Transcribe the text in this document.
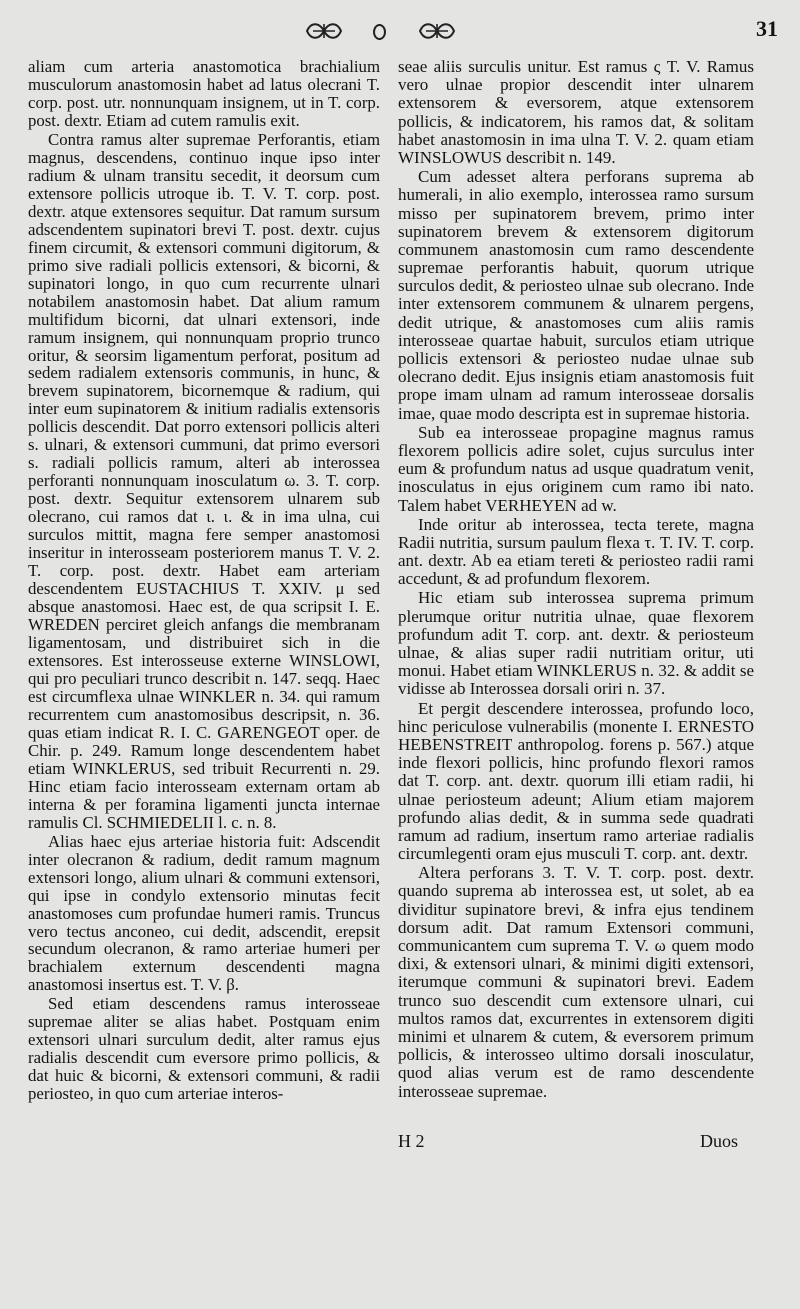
31

aliam cum arteria anastomotica brachialium musculorum anastomosin habet ad latus olecrani T. corp. post. utr. nonnunquam insignem, ut in T. corp. post. dextr. Etiam ad cutem ramulis exit.

Contra ramus alter supremae Perforantis, etiam magnus, descendens, continuo inque ipso inter radium & ulnam transitu secedit, it deorsum cum extensore pollicis utroque ib. T. V. T. corp. post. dextr. atque extensores sequitur. Dat ramum sursum adscendentem supinatori brevi T. post. dextr. cujus finem circumit, & extensori communi digitorum, & primo sive radiali pollicis extensori, & bicorni, & supinatori longo, in quo cum recurrente ulnari notabilem anastomosin habet. Dat alium ramum multifidum bicorni, dat ulnari extensori, inde ramum insignem, qui nonnunquam proprio trunco oritur, & seorsim ligamentum perforat, positum ad sedem radialem extensoris communis, in hunc, & brevem supinatorem, bicornemque & radium, qui inter eum supinatorem & initium radialis extensoris pollicis descendit. Dat porro extensori pollicis alteri s. ulnari, & extensori cummuni, dat primo eversori s. radiali pollicis ramum, alteri ab interossea perforanti nonnunquam inosculatum ω. 3. T. corp. post. dextr. Sequitur extensorem ulnarem sub olecrano, cui ramos dat ι. ι. & in ima ulna, cui surculos mittit, magna fere semper anastomosi inseritur in interosseam posteriorem manus T. V. 2. T. corp. post. dextr. Habet eam arteriam descendentem EUSTACHIUS T. XXIV. μ sed absque anastomosi. Haec est, de qua scripsit I. E. WREDEN perciret gleich anfangs die membranam ligamentosam, und distribuiret sich in die extensores. Est interosseuse externe WINSLOWI, qui pro peculiari trunco describit n. 147. seqq. Haec est circumflexa ulnae WINKLER n. 34. qui ramum recurrentem cum anastomosibus descripsit, n. 36. quas etiam indicat R. I. C. GARENGEOT oper. de Chir. p. 249. Ramum longe descendentem habet etiam WINKLERUS, sed tribuit Recurrenti n. 29. Hinc etiam facio interosseam externam ortam ab interna & per foramina ligamenti juncta internae ramulis Cl. SCHMIEDELII l. c. n. 8.

Alias haec ejus arteriae historia fuit: Adscendit inter olecranon & radium, dedit ramum magnum extensori longo, alium ulnari & communi extensori, qui ipse in condylo extensorio minutas fecit anastomoses cum profundae humeri ramis. Truncus vero tectus anconeo, cui dedit, adscendit, erepsit secundum olecranon, & ramo arteriae humeri per brachialem externum descendenti magna anastomosi insertus est. T. V. β.

Sed etiam descendens ramus interosseae supremae aliter se alias habet. Postquam enim extensori ulnari surculum dedit, alter ramus ejus radialis descendit cum eversore primo pollicis, & dat huic & bicorni, & extensori communi, & radii periosteo, in quo cum arteriae interos-

seae aliis surculis unitur. Est ramus ς T. V. Ramus vero ulnae propior descendit inter ulnarem extensorem & eversorem, atque extensorem pollicis, & indicatorem, his ramos dat, & solitam habet anastomosin in ima ulna T. V. 2. quam etiam WINSLOWUS describit n. 149.

Cum adesset altera perforans suprema ab humerali, in alio exemplo, interossea ramo sursum misso per supinatorem brevem, primo inter supinatorem brevem & extensorem digitorum communem anastomosin cum ramo descendente supremae perforantis habuit, quorum utrique surculos dedit, & periosteo ulnae sub olecrano. Inde inter extensorem communem & ulnarem pergens, dedit utrique, & anastomoses cum aliis ramis interosseae quartae habuit, surculos etiam utrique pollicis extensori & periosteo nudae ulnae sub olecrano dedit. Ejus insignis etiam anastomosis fuit prope imam ulnam ad ramum interosseae dorsalis imae, quae modo descripta est in supremae historia.

Sub ea interosseae propagine magnus ramus flexorem pollicis adire solet, cujus surculus inter eum & profundum natus ad usque quadratum venit, inosculatus in ejus originem cum ramo ibi nato. Talem habet VERHEYEN ad w.

Inde oritur ab interossea, tecta terete, magna Radii nutritia, sursum paulum flexa τ. T. IV. T. corp. ant. dextr. Ab ea etiam tereti & periosteo radii rami accedunt, & ad profundum flexorem.

Hic etiam sub interossea suprema primum plerumque oritur nutritia ulnae, quae flexorem profundum adit T. corp. ant. dextr. & periosteum ulnae, & alias super radii nutritiam oritur, uti monui. Habet etiam WINKLERUS n. 32. & addit se vidisse ab Interossea dorsali oriri n. 37.

Et pergit descendere interossea, profundo loco, hinc periculose vulnerabilis (monente I. ERNESTO HEBENSTREIT anthropolog. forens p. 567.) atque inde flexori pollicis, hinc profundo flexori ramos dat T. corp. ant. dextr. quorum illi etiam radii, hi ulnae periosteum adeunt; Alium etiam majorem profundo alias dedit, & in summa sede quadrati ramum ad radium, insertum ramo arteriae radialis circumlegenti oram ejus musculi T. corp. ant. dextr.

Altera perforans 3. T. V. T. corp. post. dextr. quando suprema ab interossea est, ut solet, ab ea dividitur supinatore brevi, & infra ejus tendinem dorsum adit. Dat ramum Extensori communi, communicantem cum suprema T. V. ω quem modo dixi, & extensori ulnari, & minimi digiti extensori, iterumque communi & supinatori brevi. Eadem trunco suo descendit cum extensore ulnari, cui multos ramos dat, excurrentes in extensorem digiti minimi et ulnarem & cutem, & eversorem primum pollicis, & interosseo ultimo dorsali inosculatur, quod alias verum est de ramo descendente interosseae supremae.

H 2	Duos
